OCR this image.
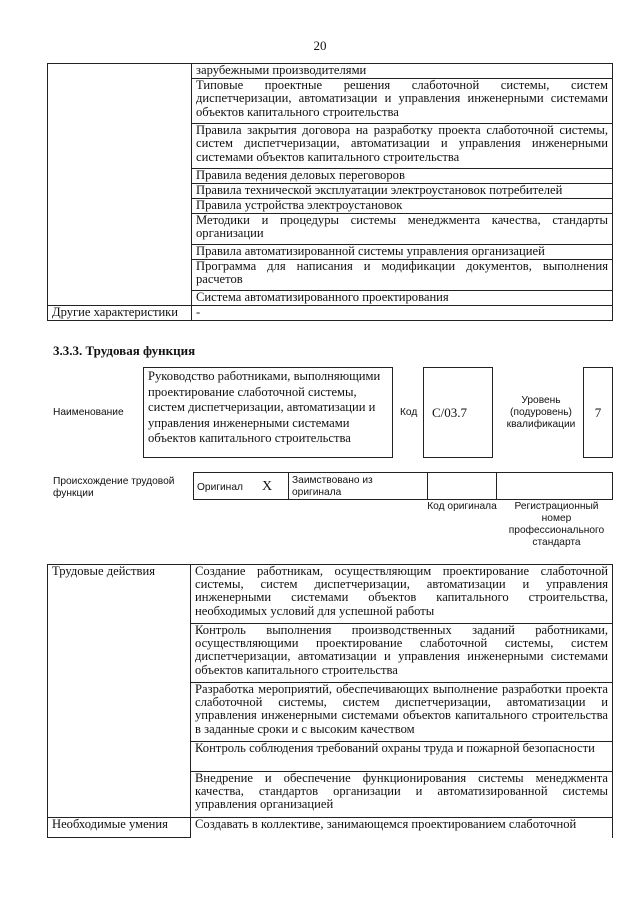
20
	зарубежными производителями
	Типовые проектные решения слаботочной системы, систем диспетчеризации, автоматизации и управления инженерными системами объектов капитального строительства
	Правила закрытия договора на разработку проекта слаботочной системы, систем диспетчеризации, автоматизации и управления инженерными системами объектов капитального строительства
	Правила ведения деловых переговоров
	Правила технической эксплуатации электроустановок потребителей
	Правила устройства электроустановок
	Методики и процедуры системы менеджмента качества, стандарты организации
	Правила автоматизированной системы управления организацией
	Программа для написания и модификации документов, выполнения расчетов
	Система автоматизированного проектирования
Другие характеристики	-
3.3.3. Трудовая функция
Наименование
Руководство работниками, выполняющими проектирование слаботочной системы, систем диспетчеризации, автоматизации и управления инженерными системами объектов капитального строительства
Код С/03.7
Уровень (подуровень) квалификации
7
Происхождение трудовой функции
Оригинал X	Заимствовано из оригинала
Код оригинала	Регистрационный номер профессионального стандарта
Трудовые действия	Создание работникам, осуществляющим проектирование слаботочной системы, систем диспетчеризации, автоматизации и управления инженерными системами объектов капитального строительства, необходимых условий для успешной работы
	Контроль выполнения производственных заданий работниками, осуществляющими проектирование слаботочной системы, систем диспетчеризации, автоматизации и управления инженерными системами объектов капитального строительства
	Разработка мероприятий, обеспечивающих выполнение разработки проекта слаботочной системы, систем диспетчеризации, автоматизации и управления инженерными системами объектов капитального строительства в заданные сроки и с высоким качеством
	Контроль соблюдения требований охраны труда и пожарной безопасности
	Внедрение и обеспечение функционирования системы менеджмента качества, стандартов организации и автоматизированной системы управления организацией
Необходимые умения	Создавать в коллективе, занимающемся проектированием слаботочной
